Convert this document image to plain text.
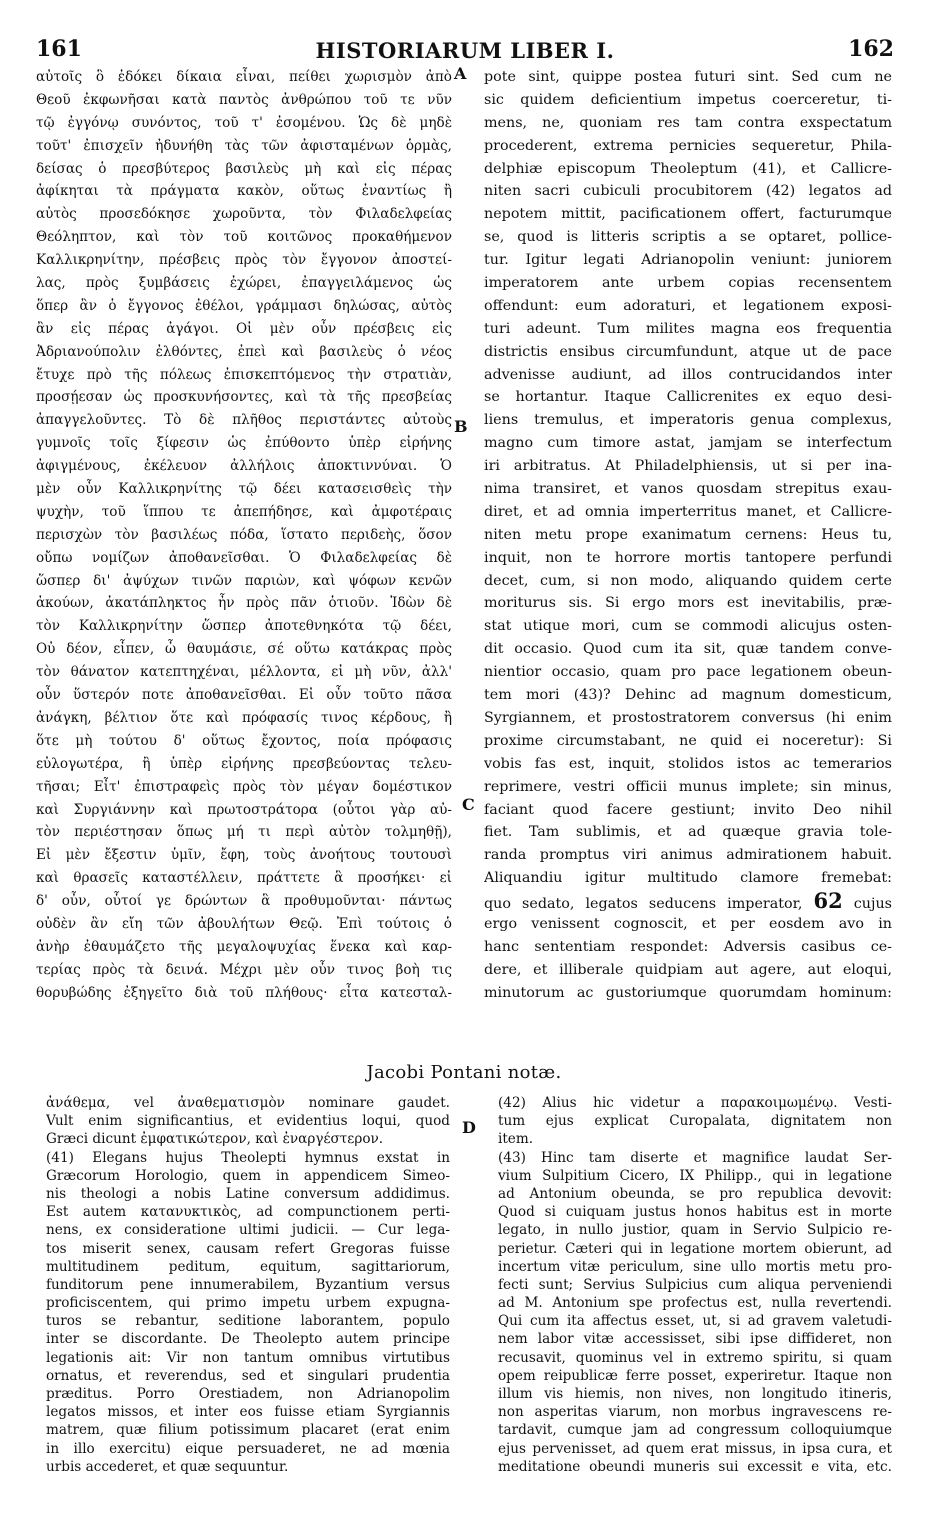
161	HISTORIARUM LIBER I.	162
A
B
C
D
αὐτοῖς ὃ ἐδόκει δίκαια εἶναι, πείθει χωρισμὸν ἀπὸ
Θεοῦ ἐκφωνῆσαι κατὰ παντὸς ἀνθρώπου τοῦ τε νῦν
τῷ ἐγγόνῳ συνόντος, τοῦ τ' ἐσομένου. Ὡς δὲ μηδὲ
τοῦτ' ἐπισχεῖν ἠδυνήθη τὰς τῶν ἀφισταμένων ὁρμὰς,
δείσας ὁ πρεσβύτερος βασιλεὺς μὴ καὶ εἰς πέρας
ἀφίκηται τὰ πράγματα κακὸν, οὕτως ἐναντίως ἢ
αὐτὸς προσεδόκησε χωροῦντα, τὸν Φιλαδελφείας
Θεόληπτον, καὶ τὸν τοῦ κοιτῶνος προκαθήμενον
Καλλικρηνίτην, πρέσβεις πρὸς τὸν ἔγγονον ἀποστεί-
λας, πρὸς ξυμβάσεις ἐχώρει, ἐπαγγειλάμενος ὡς
ὅπερ ἂν ὁ ἔγγονος ἐθέλοι, γράμμασι δηλώσας, αὐτὸς
ἂν εἰς πέρας ἀγάγοι. Οἱ μὲν οὖν πρέσβεις εἰς
Ἀδριανούπολιν ἐλθόντες, ἐπεὶ καὶ βασιλεὺς ὁ νέος
ἔτυχε πρὸ τῆς πόλεως ἐπισκεπτόμενος τὴν στρατιὰν,
προσῄεσαν ὡς προσκυνήσοντες, καὶ τὰ τῆς πρεσβείας
ἀπαγγελοῦντες. Τὸ δὲ πλῆθος περιστάντες αὐτοὺς
γυμνοῖς τοῖς ξίφεσιν ὡς ἐπύθοντο ὑπὲρ εἰρήνης
ἀφιγμένους, ἐκέλευον ἀλλήλοις ἀποκτιννύναι. Ὁ
μὲν οὖν Καλλικρηνίτης τῷ δέει κατασεισθεὶς τὴν
ψυχὴν, τοῦ ἵππου τε ἀπεπήδησε, καὶ ἀμφοτέραις
περισχὼν τὸν βασιλέως πόδα, ἵστατο περιδεὴς, ὅσον
οὔπω νομίζων ἀποθανεῖσθαι. Ὁ Φιλαδελφείας δὲ
ὥσπερ δι' ἀψύχων τινῶν παριὼν, καὶ ψόφων κενῶν
ἀκούων, ἀκατάπληκτος ἦν πρὸς πᾶν ὁτιοῦν. Ἰδὼν δὲ
τὸν Καλλικρηνίτην ὥσπερ ἀποτεθνηκότα τῷ δέει,
Οὐ δέον, εἶπεν, ὦ θαυμάσιε, σέ οὕτω κατάκρας πρὸς
τὸν θάνατον κατεπτηχέναι, μέλλοντα, εἰ μὴ νῦν, ἀλλ'
οὖν ὕστερόν ποτε ἀποθανεῖσθαι. Εἰ οὖν τοῦτο πᾶσα
ἀνάγκη, βέλτιον ὅτε καὶ πρόφασίς τινος κέρδους, ἢ
ὅτε μὴ τούτου δ' οὕτως ἔχοντος, ποία πρόφασις
εὐλογωτέρα, ἢ ὑπὲρ εἰρήνης πρεσβεύοντας τελευ-
τῆσαι; Εἶτ' ἐπιστραφεὶς πρὸς τὸν μέγαν δομέστικον
καὶ Συργιάννην καὶ πρωτοστράτορα (οὗτοι γὰρ αὐ-
τὸν περιέστησαν ὅπως μή τι περὶ αὐτὸν τολμηθῇ),
Εἰ μὲν ἔξεστιν ὑμῖν, ἔφη, τοὺς ἀνοήτους τουτουσὶ
καὶ θρασεῖς καταστέλλειν, πράττετε ἃ προσήκει· εἰ
δ' οὖν, οὗτοί γε δρώντων ἃ προθυμοῦνται· πάντως
οὐδὲν ἂν εἴη τῶν ἀβουλήτων Θεῷ. Ἐπὶ τούτοις ὁ
ἀνὴρ ἐθαυμάζετο τῆς μεγαλοψυχίας ἕνεκα καὶ καρ-
τερίας πρὸς τὰ δεινά. Μέχρι μὲν οὖν τινος βοὴ τις
θορυβώδης ἐξηγεῖτο διὰ τοῦ πλήθους· εἶτα κατεσταλ-
pote sint, quippe postea futuri sint. Sed cum ne
sic quidem deficientium impetus coerceretur, ti-
mens, ne, quoniam res tam contra exspectatum
procederent, extrema pernicies sequeretur, Phila-
delphiæ episcopum Theoleptum (41), et Callicre-
niten sacri cubiculi procubitorem (42) legatos ad
nepotem mittit, pacificationem offert, facturumque
se, quod is litteris scriptis a se optaret, pollice-
tur. Igitur legati Adrianopolin veniunt: juniorem
imperatorem ante urbem copias recensentem
offendunt: eum adoraturi, et legationem exposi-
turi adeunt. Tum milites magna eos frequentia
districtis ensibus circumfundunt, atque ut de pace
advenisse audiunt, ad illos contrucidandos inter
se hortantur. Itaque Callicrenites ex equo desi-
liens tremulus, et imperatoris genua complexus,
magno cum timore astat, jamjam se interfectum
iri arbitratus. At Philadelphiensis, ut si per ina-
nima transiret, et vanos quosdam strepitus exau-
diret, et ad omnia imperterritus manet, et Callicre-
niten metu prope exanimatum cernens: Heus tu,
inquit, non te horrore mortis tantopere perfundi
decet, cum, si non modo, aliquando quidem certe
moriturus sis. Si ergo mors est inevitabilis, præ-
stat utique mori, cum se commodi alicujus osten-
dit occasio. Quod cum ita sit, quæ tandem conve-
nientior occasio, quam pro pace legationem obeun-
tem mori (43)? Dehinc ad magnum domesticum,
Syrgiannem, et prostostratorem conversus (hi enim
proxime circumstabant, ne quid ei noceretur): Si
vobis fas est, inquit, stolidos istos ac temerarios
reprimere, vestri officii munus implete; sin minus,
faciant quod facere gestiunt; invito Deo nihil
fiet. Tam sublimis, et ad quæque gravia tole-
randa promptus viri animus admirationem habuit.
Aliquandiu igitur multitudo clamore fremebat:
quo sedato, legatos seducens imperator, 62 cujus
ergo venissent cognoscit, et per eosdem avo in
hanc sententiam respondet: Adversis casibus ce-
dere, et illiberale quidpiam aut agere, aut eloqui,
minutorum ac gustoriumque quorumdam hominum:
Jacobi Pontani notæ.
ἀνάθεμα, vel ἀναθεματισμὸν nominare gaudet.
Vult enim significantius, et evidentius loqui, quod
Græci dicunt ἐμφατικώτερον, καὶ ἐναργέστερον.
(41) Elegans hujus Theolepti hymnus exstat in
Græcorum Horologio, quem in appendicem Simeo-
nis theologi a nobis Latine conversum addidimus.
Est autem κατανυκτικὸς, ad compunctionem perti-
nens, ex consideratione ultimi judicii. — Cur lega-
tos miserit senex, causam refert Gregoras fuisse
multitudinem peditum, equitum, sagittariorum,
funditorum pene innumerabilem, Byzantium versus
proficiscentem, qui primo impetu urbem expugna-
turos se rebantur, seditione laborantem, populo
inter se discordante. De Theolepto autem principe
legationis ait: Vir non tantum omnibus virtutibus
ornatus, et reverendus, sed et singulari prudentia
præditus. Porro Orestiadem, non Adrianopolim
legatos missos, et inter eos fuisse etiam Syrgiannis
matrem, quæ filium potissimum placaret (erat enim
in illo exercitu) eique persuaderet, ne ad mœnia
urbis accederet, et quæ sequuntur.
(42) Alius hic videtur a παρακοιμωμένῳ. Vesti-
tum ejus explicat Curopalata, dignitatem non
item.
(43) Hinc tam diserte et magnifice laudat Ser-
vium Sulpitium Cicero, IX Philipp., qui in legatione
ad Antonium obeunda, se pro republica devovit:
Quod si cuiquam justus honos habitus est in morte
legato, in nullo justior, quam in Servio Sulpicio re-
perietur. Cæteri qui in legatione mortem obierunt, ad
incertum vitæ periculum, sine ullo mortis metu pro-
fecti sunt; Servius Sulpicius cum aliqua perveniendi
ad M. Antonium spe profectus est, nulla revertendi.
Qui cum ita affectus esset, ut, si ad gravem valetudi-
nem labor vitæ accessisset, sibi ipse diffideret, non
recusavit, quominus vel in extremo spiritu, si quam
opem reipublicæ ferre posset, experiretur. Itaque non
illum vis hiemis, non nives, non longitudo itineris,
non asperitas viarum, non morbus ingravescens re-
tardavit, cumque jam ad congressum colloquiumque
ejus pervenisset, ad quem erat missus, in ipsa cura, et
meditatione obeundi muneris sui excessit e vita, etc.
